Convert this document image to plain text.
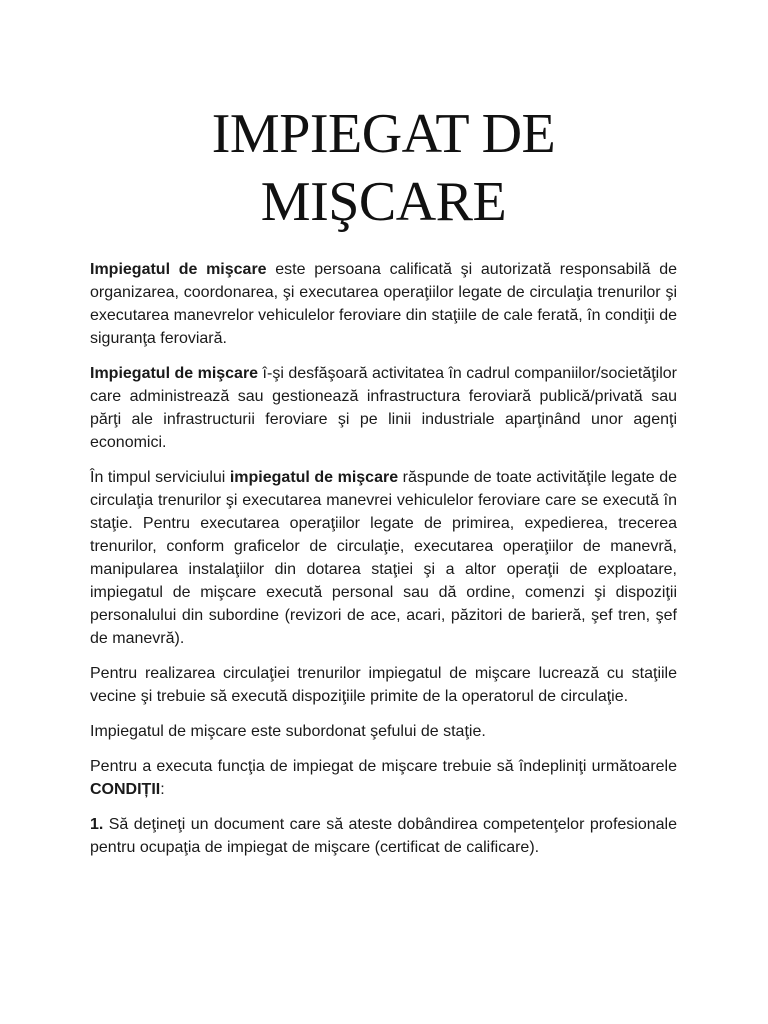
IMPIEGAT DE
MIŞCARE

Impiegatul de mişcare este persoana calificată şi autorizată responsabilă de organizarea, coordonarea, şi executarea operaţiilor legate de circulaţia trenurilor şi executarea manevrelor vehiculelor feroviare din staţiile de cale ferată, în condiţii de siguranţa feroviară.

Impiegatul de mişcare î-şi desfăşoară activitatea în cadrul companiilor/societăţilor care administrează sau gestionează infrastructura feroviară publică/privată sau părţi ale infrastructurii feroviare şi pe linii industriale aparţinând unor agenţi economici.

În timpul serviciului impiegatul de mişcare răspunde de toate activităţile legate de circulaţia trenurilor şi executarea manevrei vehiculelor feroviare care se execută în staţie. Pentru executarea operaţiilor legate de primirea, expedierea, trecerea trenurilor, conform graficelor de circulaţie, executarea operaţiilor de manevră, manipularea instalaţiilor din dotarea staţiei şi a altor operaţii de exploatare, impiegatul de mişcare execută personal sau dă ordine, comenzi şi dispoziţii personalului din subordine (revizori de ace, acari, păzitori de barieră, şef tren, şef de manevră).

Pentru realizarea circulaţiei trenurilor impiegatul de mişcare lucrează cu staţiile vecine şi trebuie să execută dispoziţiile primite de la operatorul de circulaţie.

Impiegatul de mişcare este subordonat şefului de staţie.

Pentru a executa funcţia de impiegat de mişcare trebuie să îndepliniţi următoarele CONDIȚII:

1. Să deţineţi un document care să ateste dobândirea competenţelor profesionale pentru ocupaţia de impiegat de mişcare (certificat de calificare).
